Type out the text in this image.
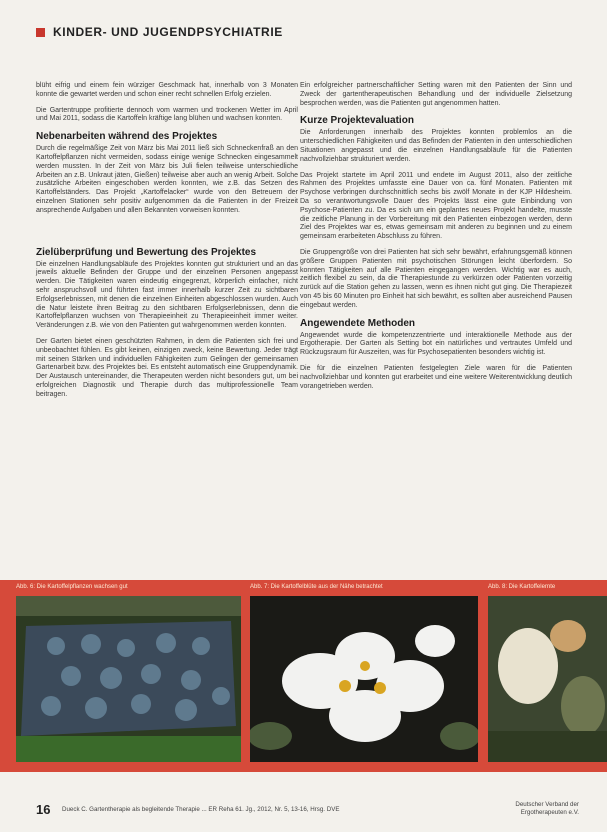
KINDER- UND JUGENDPSYCHIATRIE

blüht eifrig und einem fein würziger Geschmack hat, innerhalb von 3 Monaten konnte die gewartet werden und schon einer recht schnellen Erfolg erzielen.

Die Gartentruppe profitierte dennoch vom warmen und trockenen Wetter im April und Mai 2011, sodass die Kartoffeln kräftige lang blühen und wachsen konnten.

Nebenarbeiten während des Projektes

Durch die regelmäßige Zeit von März bis Mai 2011 ließ sich Schneckenfraß an den Kartoffelpflanzen nicht vermeiden, sodass einige wenige Schnecken eingesammelt werden mussten. In der Zeit von März bis Juli fielen teilweise unterschiedliche Arbeiten an z.B. Unkraut jäten, Gießen) teilweise aber auch an wenig Arbeit. Solche zusätzliche Arbeiten eingeschoben werden konnten, wie z.B. das Setzen des Kartoffelständers. Das Projekt „Kartoffelacker“ wurde von den Betreuern der einzelnen Stationen sehr positiv aufgenommen da die Patienten in der Freizeit ansprechende Aufgaben und allen Bekannten vorweisen konnten.

Zielüberprüfung und Bewertung des Projektes

Die einzelnen Handlungsabläufe des Projektes konnten gut strukturiert und an das jeweils aktuelle Befinden der Gruppe und der einzelnen Personen angepasst werden. Die Tätigkeiten waren eindeutig eingegrenzt, körperlich einfacher, nicht sehr anspruchsvoll und führten fast immer innerhalb kurzer Zeit zu sichtbaren Erfolgserlebnissen, mit denen die einzelnen Einheiten abgeschlossen wurden. Auch die Natur leistete ihren Beitrag zu den sichtbaren Erfolgserlebnissen, denn die Kartoffelpflanzen wuchsen von Therapieeinheit zu Therapieeinheit immer weiter. Veränderungen z.B. wie von den Patienten gut wahrgenommen werden konnten.

Der Garten bietet einen geschützten Rahmen, in dem die Patienten sich frei und unbeobachtet fühlen. Es gibt keinen, einzigen zweck, keine Bewertung. Jeder trägt mit seinen Stärken und individuellen Fähigkeiten zum Gelingen der gemeinsamen Gartenarbeit bzw. des Projektes bei. Es entsteht automatisch eine Gruppendynamik. Der Austausch untereinander, die Therapeuten werden nicht besonders gut, um bei erfolgreichen Diagnostik und Therapie durch das multiprofessionelle Team beitragen.

Ein erfolgreicher partnerschaftlicher Setting waren mit den Patienten der Sinn und Zweck der gartentherapeutischen Behandlung und der individuelle Zielsetzung besprochen werden, was die Patienten gut angenommen hatten.

Kurze Projektevaluation

Die Anforderungen innerhalb des Projektes konnten problemlos an die unterschiedlichen Fähigkeiten und das Befinden der Patienten in den unterschiedlichen Situationen angepasst und die einzelnen Handlungsabläufe für die Patienten nachvollziehbar strukturiert werden.

Das Projekt startete im April 2011 und endete im August 2011, also der zeitliche Rahmen des Projektes umfasste eine Dauer von ca. fünf Monaten. Patienten mit Psychose verbringen durchschnittlich sechs bis zwölf Monate in der KJP Hildesheim. Da so verantwortungsvolle Dauer des Projekts lässt eine gute Einbindung von Psychose-Patienten zu. Da es sich um ein geplantes neues Projekt handelte, musste die zeitliche Planung in der Vorbereitung mit den Patienten einbezogen werden, denn Ziel des Projektes war es, etwas gemeinsam mit anderen zu beginnen und zu einem gemeinsam erarbeiteten Abschluss zu führen.

Die Gruppengröße von drei Patienten hat sich sehr bewährt, erfahrungsgemäß können größere Gruppen Patienten mit psychotischen Störungen leicht überfordern. So konnten Tätigkeiten auf alle Patienten eingegangen werden. Wichtig war es auch, zeitlich flexibel zu sein, da die Therapiestunde zu verkürzen oder Patienten vorzeitig zurück auf die Station gehen zu lassen, wenn es ihnen nicht gut ging. Die Therapiezeit von 45 bis 60 Minuten pro Einheit hat sich bewährt, es sollten aber ausreichend Pausen eingebaut werden.

Angewendete Methoden

Angewendet wurde die kompetenzzentrierte und interaktionelle Methode aus der Ergotherapie. Der Garten als Setting bot ein natürliches und vertrautes Umfeld und Rückzugsraum für Auszeiten, was für Psychosepatienten besonders wichtig ist.

Die für die einzelnen Patienten festgelegten Ziele waren für die Patienten nachvollziehbar und konnten gut erarbeitet und eine weitere Weiterentwicklung deutlich vorangetrieben werden.

Abb. 6: Die Kartoffelpflanzen wachsen gut	Abb. 7: Die Kartoffelblüte aus der Nähe betrachtet	Abb. 8: Die Kartoffelernte
16 Dueck C. Gartentherapie als begleitende Therapie ... ER Reha 61. Jg., 2012, Nr. 5, 13-16, Hrsg. DVE
Deutscher Verband der
Ergotherapeuten e.V.
